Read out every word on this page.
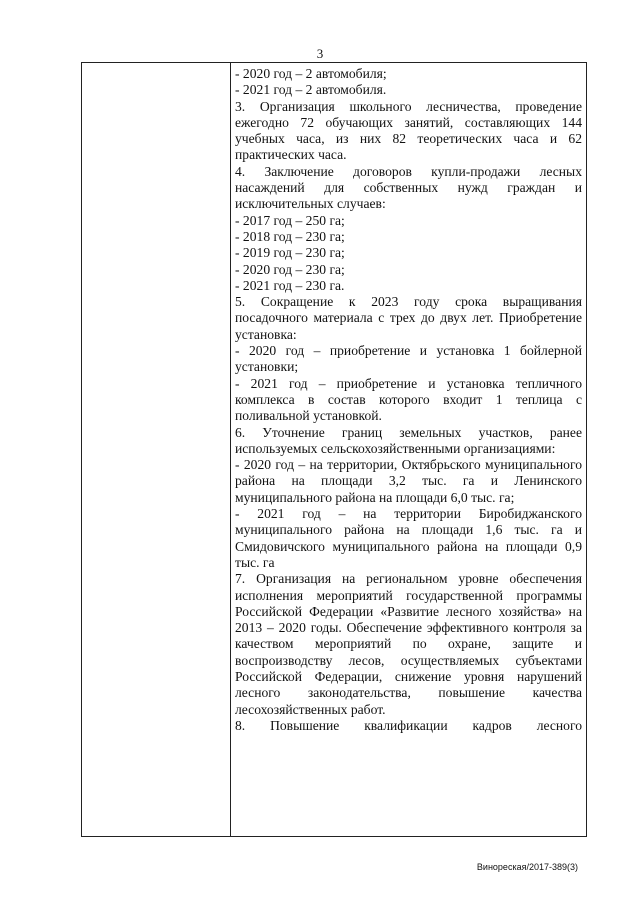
3

- 2020 год – 2 автомобиля;

- 2021 год – 2 автомобиля.

3. Организация школьного лесничества, проведение ежегодно 72 обучающих занятий, составляющих 144 учебных часа, из них 82 теоретических часа и 62 практических часа.

4. Заключение договоров купли-продажи лесных насаждений для собственных нужд граждан и исключительных случаев:

- 2017 год – 250 га;

- 2018 год – 230 га;

- 2019 год – 230 га;

- 2020 год – 230 га;

- 2021 год – 230 га.

5. Сокращение к 2023 году срока выращивания посадочного материала с трех до двух лет. Приобретение установка:

- 2020 год – приобретение и установка 1 бойлерной установки;

- 2021 год – приобретение и установка тепличного комплекса в состав которого входит 1 теплица с поливальной установкой.

6. Уточнение границ земельных участков, ранее используемых сельскохозяйственными организациями:

- 2020 год – на территории, Октябрьского муниципального района на площади 3,2 тыс. га и Ленинского муниципального района на площади 6,0 тыс. га;

- 2021 год – на территории Биробиджанского муниципального района на площади 1,6 тыс. га и Смидовичского муниципального района на площади 0,9 тыс. га

7. Организация на региональном уровне обеспечения исполнения мероприятий государственной программы Российской Федерации «Развитие лесного хозяйства» на 2013 – 2020 годы. Обеспечение эффективного контроля за качеством мероприятий по охране, защите и воспроизводству лесов, осуществляемых субъектами Российской Федерации, снижение уровня нарушений лесного законодательства, повышение качества лесохозяйственных работ.

8. Повышение квалификации кадров лесного

Винореская/2017-389(3)
